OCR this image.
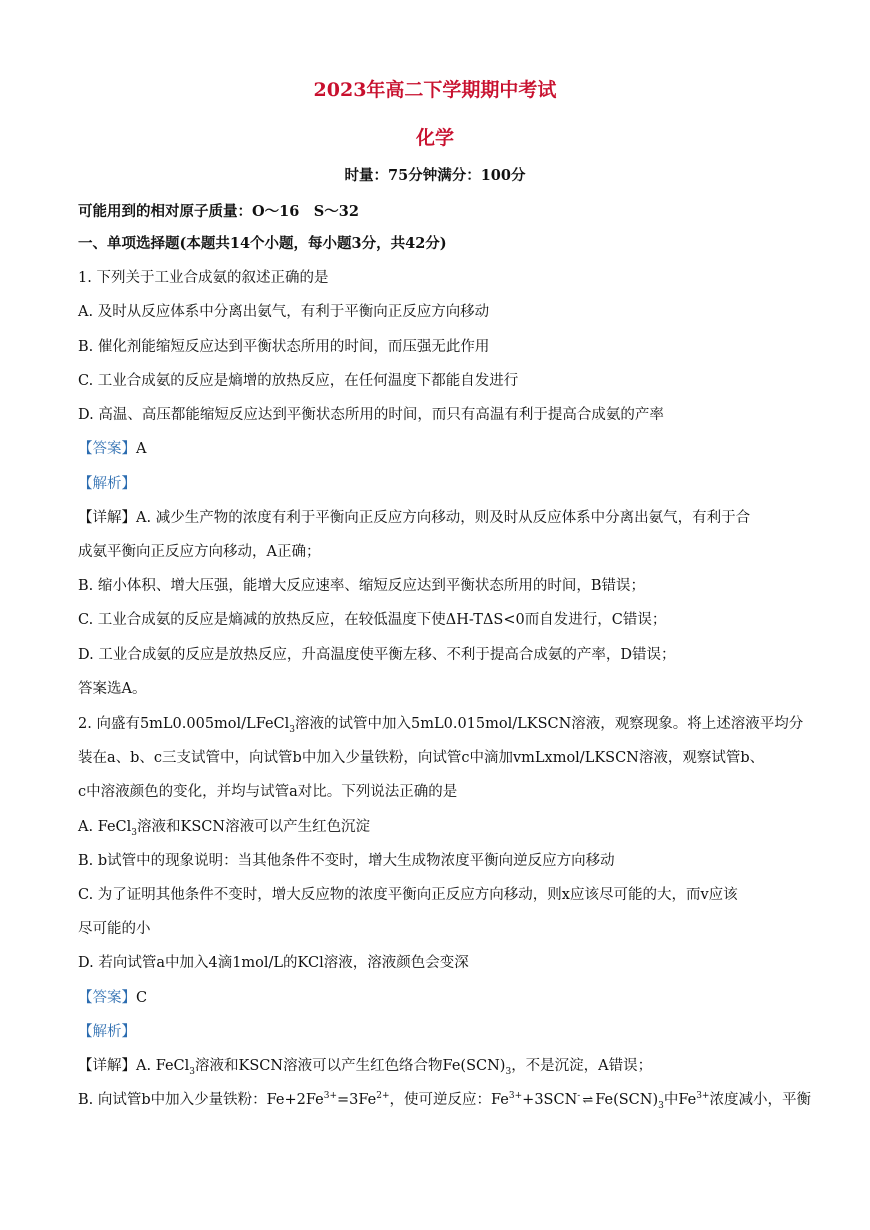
2023年高二下学期期中考试
化学
时量：75分钟满分：100分
可能用到的相对原子质量：O～16　S～32
一、单项选择题(本题共14个小题，每小题3分，共42分)
1. 下列关于工业合成氨的叙述正确的是
A. 及时从反应体系中分离出氨气，有利于平衡向正反应方向移动
B. 催化剂能缩短反应达到平衡状态所用的时间，而压强无此作用
C. 工业合成氨的反应是熵增的放热反应，在任何温度下都能自发进行
D. 高温、高压都能缩短反应达到平衡状态所用的时间，而只有高温有利于提高合成氨的产率
【答案】A
【解析】
【详解】A. 减少生产物的浓度有利于平衡向正反应方向移动，则及时从反应体系中分离出氨气，有利于合
成氨平衡向正反应方向移动，A正确；
B. 缩小体积、增大压强，能增大反应速率、缩短反应达到平衡状态所用的时间，B错误；
C. 工业合成氨的反应是熵减的放热反应，在较低温度下使ΔH-TΔS<0而自发进行，C错误；
D. 工业合成氨的反应是放热反应，升高温度使平衡左移、不利于提高合成氨的产率，D错误；
答案选A。
2. 向盛有5mL0.005mol/LFeCl$_3$溶液的试管中加入5mL0.015mol/LKSCN溶液，观察现象。将上述溶液平均分
装在a、b、c三支试管中，向试管b中加入少量铁粉，向试管c中滴加vmLxmol/LKSCN溶液，观察试管b、
c中溶液颜色的变化，并均与试管a对比。下列说法正确的是
A. FeCl$_3$溶液和KSCN溶液可以产生红色沉淀
B. b试管中的现象说明：当其他条件不变时，增大生成物浓度平衡向逆反应方向移动
C. 为了证明其他条件不变时，增大反应物的浓度平衡向正反应方向移动，则x应该尽可能的大，而v应该
尽可能的小
D. 若向试管a中加入4滴1mol/L的KCl溶液，溶液颜色会变深
【答案】C
【解析】
【详解】A. FeCl$_3$溶液和KSCN溶液可以产生红色络合物$Fe(SCN)_3$，不是沉淀，A错误；
B. 向试管b中加入少量铁粉：$Fe+2Fe^{3+}=3Fe^{2+}$，使可逆反应：$Fe^{3+}+3SCN^-$ ⇌ $Fe(SCN)_3$中$Fe^{3+}$浓度减小，平衡
